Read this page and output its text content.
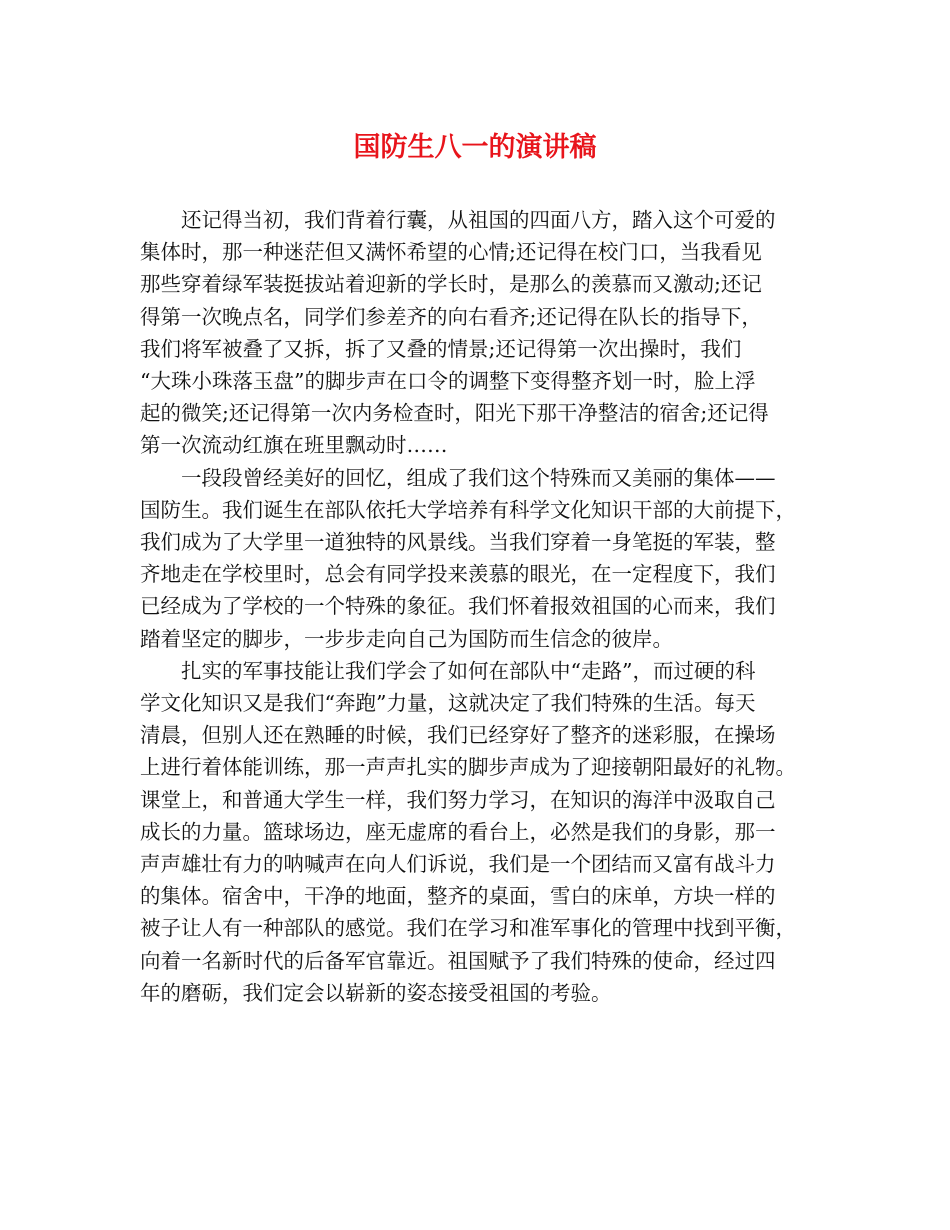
国防生八一的演讲稿

还记得当初，我们背着行囊，从祖国的四面八方，踏入这个可爱的
集体时，那一种迷茫但又满怀希望的心情;还记得在校门口，当我看见
那些穿着绿军装挺拔站着迎新的学长时，是那么的羡慕而又激动;还记
得第一次晚点名，同学们参差齐的向右看齐;还记得在队长的指导下，
我们将军被叠了又拆，拆了又叠的情景;还记得第一次出操时，我们
“大珠小珠落玉盘”的脚步声在口令的调整下变得整齐划一时，脸上浮
起的微笑;还记得第一次内务检查时，阳光下那干净整洁的宿舍;还记得
第一次流动红旗在班里飘动时……

一段段曾经美好的回忆，组成了我们这个特殊而又美丽的集体——
国防生。我们诞生在部队依托大学培养有科学文化知识干部的大前提下，
我们成为了大学里一道独特的风景线。当我们穿着一身笔挺的军装，整
齐地走在学校里时，总会有同学投来羡慕的眼光，在一定程度下，我们
已经成为了学校的一个特殊的象征。我们怀着报效祖国的心而来，我们
踏着坚定的脚步，一步步走向自己为国防而生信念的彼岸。

扎实的军事技能让我们学会了如何在部队中“走路”，而过硬的科
学文化知识又是我们“奔跑”力量，这就决定了我们特殊的生活。每天
清晨，但别人还在熟睡的时候，我们已经穿好了整齐的迷彩服，在操场
上进行着体能训练，那一声声扎实的脚步声成为了迎接朝阳最好的礼物。
课堂上，和普通大学生一样，我们努力学习，在知识的海洋中汲取自己
成长的力量。篮球场边，座无虚席的看台上，必然是我们的身影，那一
声声雄壮有力的呐喊声在向人们诉说，我们是一个团结而又富有战斗力
的集体。宿舍中，干净的地面，整齐的桌面，雪白的床单，方块一样的
被子让人有一种部队的感觉。我们在学习和准军事化的管理中找到平衡，
向着一名新时代的后备军官靠近。祖国赋予了我们特殊的使命，经过四
年的磨砺，我们定会以崭新的姿态接受祖国的考验。
